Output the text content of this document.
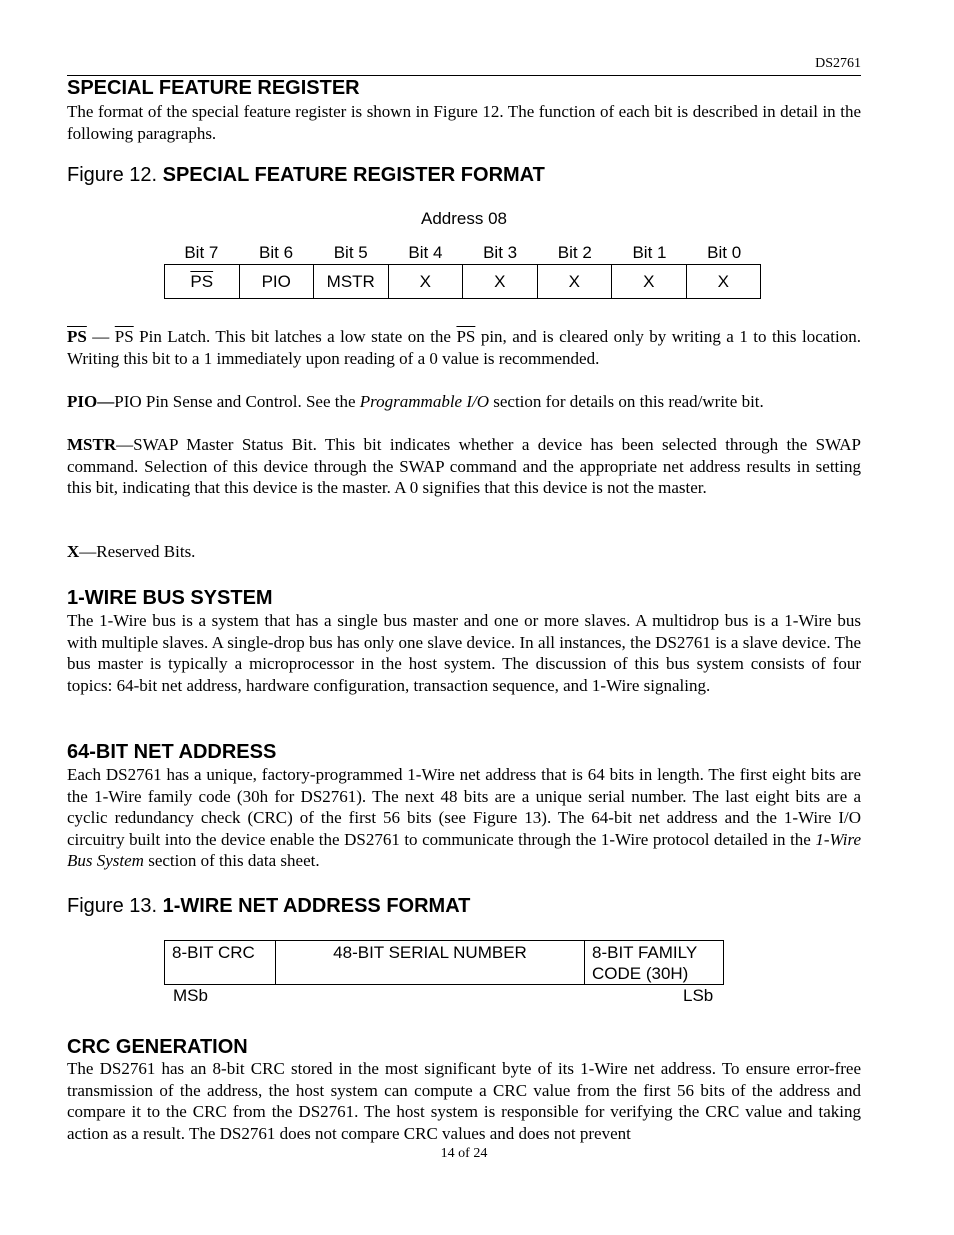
DS2761
SPECIAL FEATURE REGISTER
The format of the special feature register is shown in Figure 12. The function of each bit is described in detail in the following paragraphs.
Figure 12. SPECIAL FEATURE REGISTER FORMAT
Address 08
Bit 7	Bit 6	Bit 5	Bit 4	Bit 3	Bit 2	Bit 1	Bit 0
$\overline{PS}$	PIO	MSTR	X	X	X	X	X
$\overline{PS}$ — $\overline{PS}$ Pin Latch. This bit latches a low state on the $\overline{PS}$ pin, and is cleared only by writing a 1 to this location. Writing this bit to a 1 immediately upon reading of a 0 value is recommended.
PIO—PIO Pin Sense and Control. See the Programmable I/O section for details on this read/write bit.
MSTR—SWAP Master Status Bit. This bit indicates whether a device has been selected through the SWAP command. Selection of this device through the SWAP command and the appropriate net address results in setting this bit, indicating that this device is the master. A 0 signifies that this device is not the master.
X—Reserved Bits.
1-WIRE BUS SYSTEM
The 1-Wire bus is a system that has a single bus master and one or more slaves. A multidrop bus is a 1-Wire bus with multiple slaves. A single-drop bus has only one slave device. In all instances, the DS2761 is a slave device. The bus master is typically a microprocessor in the host system. The discussion of this bus system consists of four topics: 64-bit net address, hardware configuration, transaction sequence, and 1-Wire signaling.
64-BIT NET ADDRESS
Each DS2761 has a unique, factory-programmed 1-Wire net address that is 64 bits in length. The first eight bits are the 1-Wire family code (30h for DS2761). The next 48 bits are a unique serial number. The last eight bits are a cyclic redundancy check (CRC) of the first 56 bits (see Figure 13). The 64-bit net address and the 1-Wire I/O circuitry built into the device enable the DS2761 to communicate through the 1-Wire protocol detailed in the 1-Wire Bus System section of this data sheet.
Figure 13. 1-WIRE NET ADDRESS FORMAT
8-BIT CRC	48-BIT SERIAL NUMBER	8-BIT FAMILY
CODE (30H)
MSb	LSb
CRC GENERATION
The DS2761 has an 8-bit CRC stored in the most significant byte of its 1-Wire net address. To ensure error-free transmission of the address, the host system can compute a CRC value from the first 56 bits of the address and compare it to the CRC from the DS2761. The host system is responsible for verifying the CRC value and taking action as a result. The DS2761 does not compare CRC values and does not prevent
14 of 24
